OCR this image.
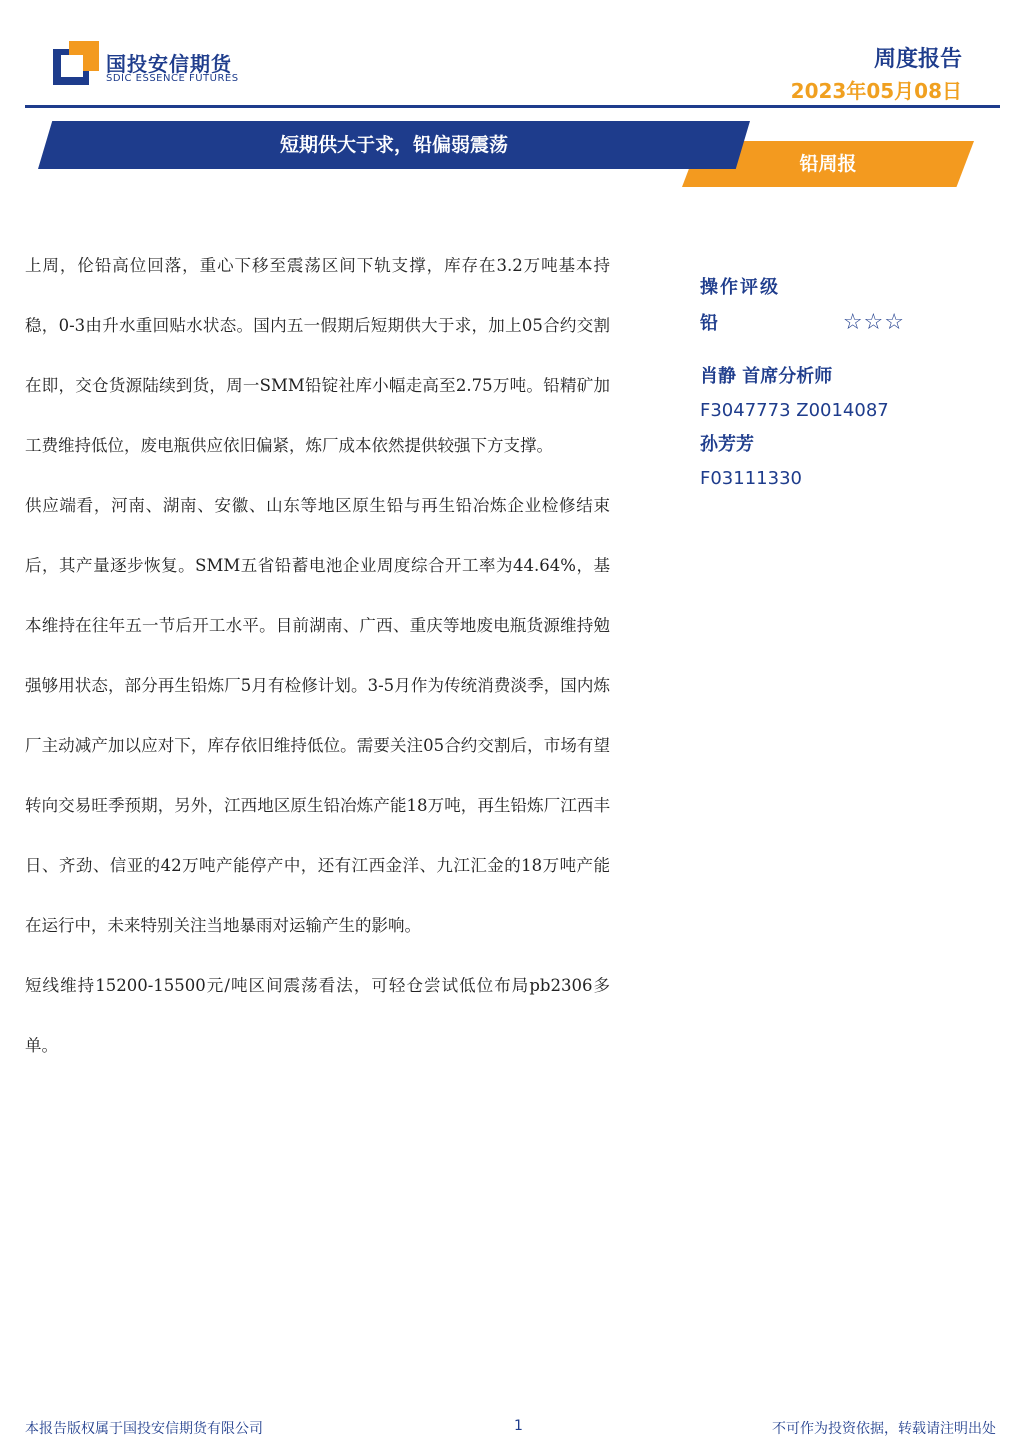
国投安信期货
SDIC ESSENCE FUTURES
周度报告
2023年05月08日
铅周报
短期供大于求，铅偏弱震荡

上周，伦铅高位回落，重心下移至震荡区间下轨支撑，库存在3.2万吨基本持稳，0-3由升水重回贴水状态。国内五一假期后短期供大于求，加上05合约交割在即，交仓货源陆续到货，周一SMM铅锭社库小幅走高至2.75万吨。铅精矿加工费维持低位，废电瓶供应依旧偏紧，炼厂成本依然提供较强下方支撑。

供应端看，河南、湖南、安徽、山东等地区原生铅与再生铅冶炼企业检修结束后，其产量逐步恢复。SMM五省铅蓄电池企业周度综合开工率为44.64%，基本维持在往年五一节后开工水平。目前湖南、广西、重庆等地废电瓶货源维持勉强够用状态，部分再生铅炼厂5月有检修计划。3-5月作为传统消费淡季，国内炼厂主动减产加以应对下，库存依旧维持低位。需要关注05合约交割后，市场有望转向交易旺季预期，另外，江西地区原生铅冶炼产能18万吨，再生铅炼厂江西丰日、齐劲、信亚的42万吨产能停产中，还有江西金洋、九江汇金的18万吨产能在运行中，未来特别关注当地暴雨对运输产生的影响。

短线维持15200-15500元/吨区间震荡看法，可轻仓尝试低位布局pb2306多单。

操作评级
铅	☆☆☆
肖静 首席分析师
F3047773 Z0014087
孙芳芳
F03111330
本报告版权属于国投安信期货有限公司	1	不可作为投资依据，转载请注明出处
